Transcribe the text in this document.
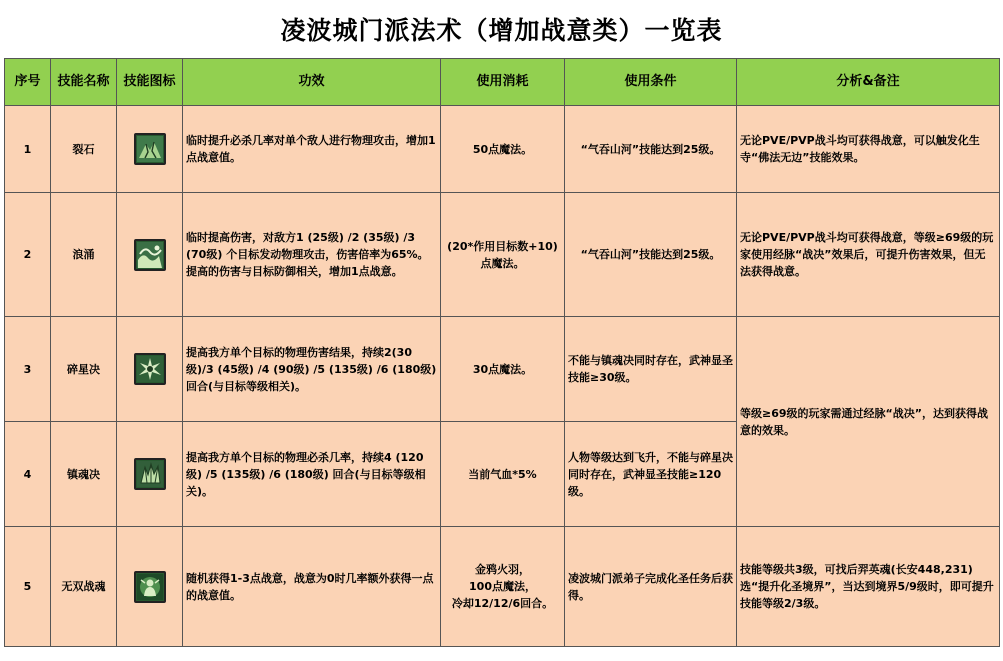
凌波城门派法术（增加战意类）一览表
序号	技能名称	技能图标	功效	使用消耗	使用条件	分析&备注
1	裂石		临时提升必杀几率对单个敌人进行物理攻击，增加1点战意值。	50点魔法。	“气吞山河”技能达到25级。	无论PVE/PVP战斗均可获得战意，可以触发化生寺“佛法无边”技能效果。
2	浪涌		临时提高伤害，对敌方1 (25级) /2 (35级) /3 (70级) 个目标发动物理攻击，伤害倍率为65%。提高的伤害与目标防御相关，增加1点战意。	(20*作用目标数+10)点魔法。	“气吞山河”技能达到25级。	无论PVE/PVP战斗均可获得战意，等级≥69级的玩家使用经脉“战决”效果后，可提升伤害效果，但无法获得战意。
3	碎星决		提高我方单个目标的物理伤害结果，持续2(30级)/3 (45级) /4 (90级) /5 (135级) /6 (180级)回合(与目标等级相关)。	30点魔法。	不能与镇魂决同时存在，武神显圣技能≥30级。	等级≥69级的玩家需通过经脉“战决”，达到获得战意的效果。
4	镇魂决		提高我方单个目标的物理必杀几率，持续4 (120级) /5 (135级) /6 (180级) 回合(与目标等级相关)。	当前气血*5%	人物等级达到飞升，不能与碎星决同时存在，武神显圣技能≥120级。	
5	无双战魂		随机获得1-3点战意，战意为0时几率额外获得一点的战意值。	金鸦火羽，
100点魔法，
冷却12/12/6回合。	凌波城门派弟子完成化圣任务后获得。	技能等级共3级，可找后羿英魂(长安448,231)选“提升化圣境界”，当达到境界5/9级时，即可提升技能等级2/3级。
